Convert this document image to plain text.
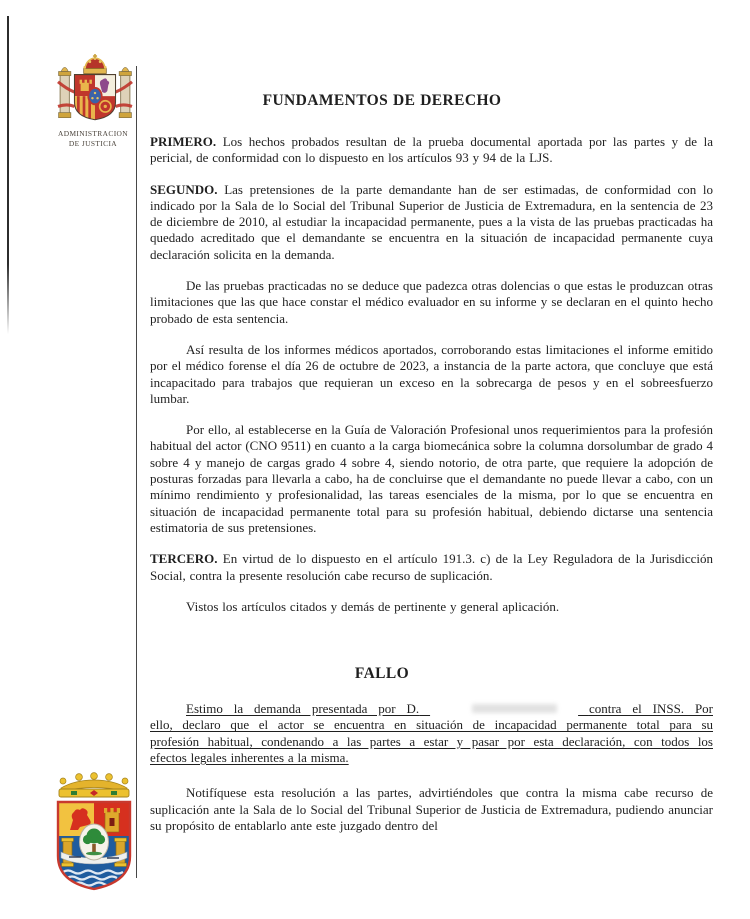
ADMINISTRACION
DE JUSTICIA
FUNDAMENTOS DE DERECHO

PRIMERO. Los hechos probados resultan de la prueba documental aportada por las partes y de la pericial, de conformidad con lo dispuesto en los artículos 93 y 94 de la LJS.

SEGUNDO. Las pretensiones de la parte demandante han de ser estimadas, de conformidad con lo indicado por la Sala de lo Social del Tribunal Superior de Justicia de Extremadura, en la sentencia de 23 de diciembre de 2010, al estudiar la incapacidad permanente, pues a la vista de las pruebas practicadas ha quedado acreditado que el demandante se encuentra en la situación de incapacidad permanente cuya declaración solicita en la demanda.

De las pruebas practicadas no se deduce que padezca otras dolencias o que estas le produzcan otras limitaciones que las que hace constar el médico evaluador en su informe y se declaran en el quinto hecho probado de esta sentencia.

Así resulta de los informes médicos aportados, corroborando estas limitaciones el informe emitido por el médico forense el día 26 de octubre de 2023, a instancia de la parte actora, que concluye que está incapacitado para trabajos que requieran un exceso en la sobrecarga de pesos y en el sobreesfuerzo lumbar.

Por ello, al establecerse en la Guía de Valoración Profesional unos requerimientos para la profesión habitual del actor (CNO 9511) en cuanto a la carga biomecánica sobre la columna dorsolumbar de grado 4 sobre 4 y manejo de cargas grado 4 sobre 4, siendo notorio, de otra parte, que requiere la adopción de posturas forzadas para llevarla a cabo, ha de concluirse que el demandante no puede llevar a cabo, con un mínimo rendimiento y profesionalidad, las tareas esenciales de la misma, por lo que se encuentra en situación de incapacidad permanente total para su profesión habitual, debiendo dictarse una sentencia estimatoria de sus pretensiones.

TERCERO. En virtud de lo dispuesto en el artículo 191.3. c) de la Ley Reguladora de la Jurisdicción Social, contra la presente resolución cabe recurso de suplicación.

Vistos los artículos citados y demás de pertinente y general aplicación.

FALLO
Estimo la demanda presentada por D.	contra el INSS. Por
ello, declaro que el actor se encuentra en situación de incapacidad permanente total para su
profesión habitual, condenando a las partes a estar y pasar por esta declaración, con todos los
efectos legales inherentes a la misma.

Notifíquese esta resolución a las partes, advirtiéndoles que contra la misma cabe recurso de suplicación ante la Sala de lo Social del Tribunal Superior de Justicia de Extremadura, pudiendo anunciar su propósito de entablarlo ante este juzgado dentro del
